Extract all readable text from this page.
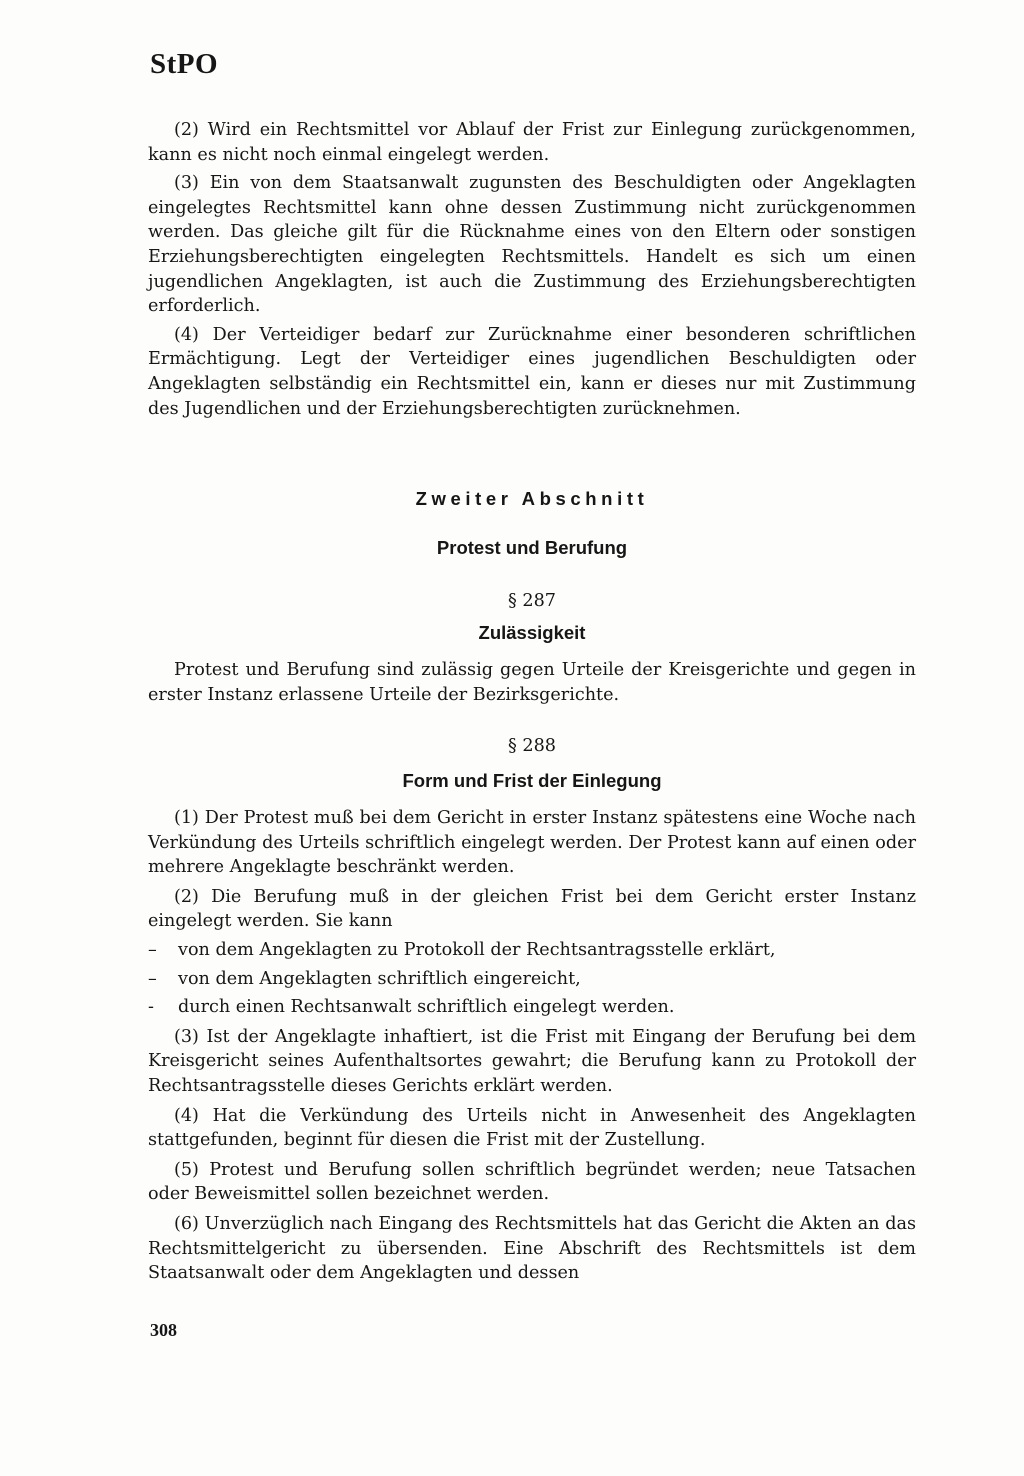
StPO

(2) Wird ein Rechtsmittel vor Ablauf der Frist zur Einlegung zurückgenommen, kann es nicht noch einmal eingelegt werden.

(3) Ein von dem Staatsanwalt zugunsten des Beschuldigten oder Angeklagten eingelegtes Rechtsmittel kann ohne dessen Zustimmung nicht zurückgenommen werden. Das gleiche gilt für die Rücknahme eines von den Eltern oder sonstigen Erziehungsberechtigten eingelegten Rechtsmittels. Handelt es sich um einen jugendlichen Angeklagten, ist auch die Zustimmung des Erziehungsberechtigten erforderlich.

(4) Der Verteidiger bedarf zur Zurücknahme einer besonderen schriftlichen Ermächtigung. Legt der Verteidiger eines jugendlichen Beschuldigten oder Angeklagten selbständig ein Rechtsmittel ein, kann er dieses nur mit Zustimmung des Jugendlichen und der Erziehungsberechtigten zurücknehmen.

Zweiter Abschnitt
Protest und Berufung
§ 287
Zulässigkeit

Protest und Berufung sind zulässig gegen Urteile der Kreisgerichte und gegen in erster Instanz erlassene Urteile der Bezirksgerichte.

§ 288
Form und Frist der Einlegung

(1) Der Protest muß bei dem Gericht in erster Instanz spätestens eine Woche nach Verkündung des Urteils schriftlich eingelegt werden. Der Protest kann auf einen oder mehrere Angeklagte beschränkt werden.

(2) Die Berufung muß in der gleichen Frist bei dem Gericht erster Instanz eingelegt werden. Sie kann

– von dem Angeklagten zu Protokoll der Rechtsantragsstelle erklärt,

– von dem Angeklagten schriftlich eingereicht,

- durch einen Rechtsanwalt schriftlich eingelegt werden.

(3) Ist der Angeklagte inhaftiert, ist die Frist mit Eingang der Berufung bei dem Kreisgericht seines Aufenthaltsortes gewahrt; die Berufung kann zu Protokoll der Rechtsantragsstelle dieses Gerichts erklärt werden.

(4) Hat die Verkündung des Urteils nicht in Anwesenheit des Angeklagten stattgefunden, beginnt für diesen die Frist mit der Zustellung.

(5) Protest und Berufung sollen schriftlich begründet werden; neue Tatsachen oder Beweismittel sollen bezeichnet werden.

(6) Unverzüglich nach Eingang des Rechtsmittels hat das Gericht die Akten an das Rechtsmittelgericht zu übersenden. Eine Abschrift des Rechtsmittels ist dem Staatsanwalt oder dem Angeklagten und dessen

308
